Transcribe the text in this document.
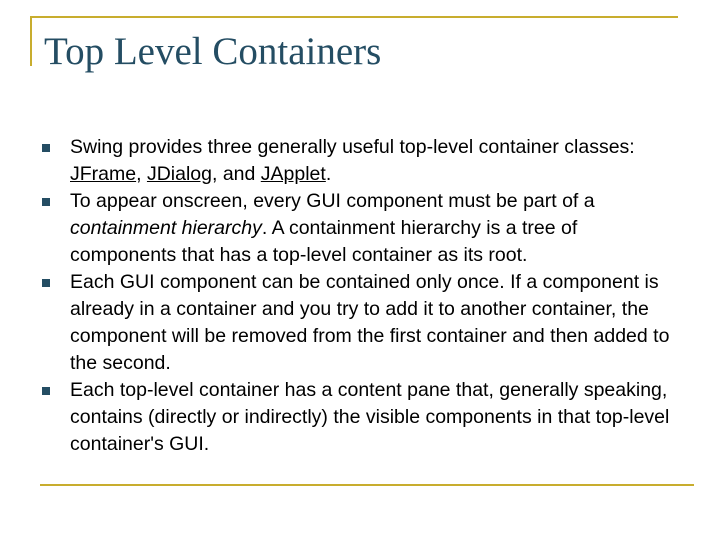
Top Level Containers
Swing provides three generally useful top-level container classes: JFrame, JDialog, and JApplet.
To appear onscreen, every GUI component must be part of a containment hierarchy. A containment hierarchy is a tree of components that has a top-level container as its root.
Each GUI component can be contained only once. If a component is already in a container and you try to add it to another container, the component will be removed from the first container and then added to the second.
Each top-level container has a content pane that, generally speaking, contains (directly or indirectly) the visible components in that top-level container's GUI.
